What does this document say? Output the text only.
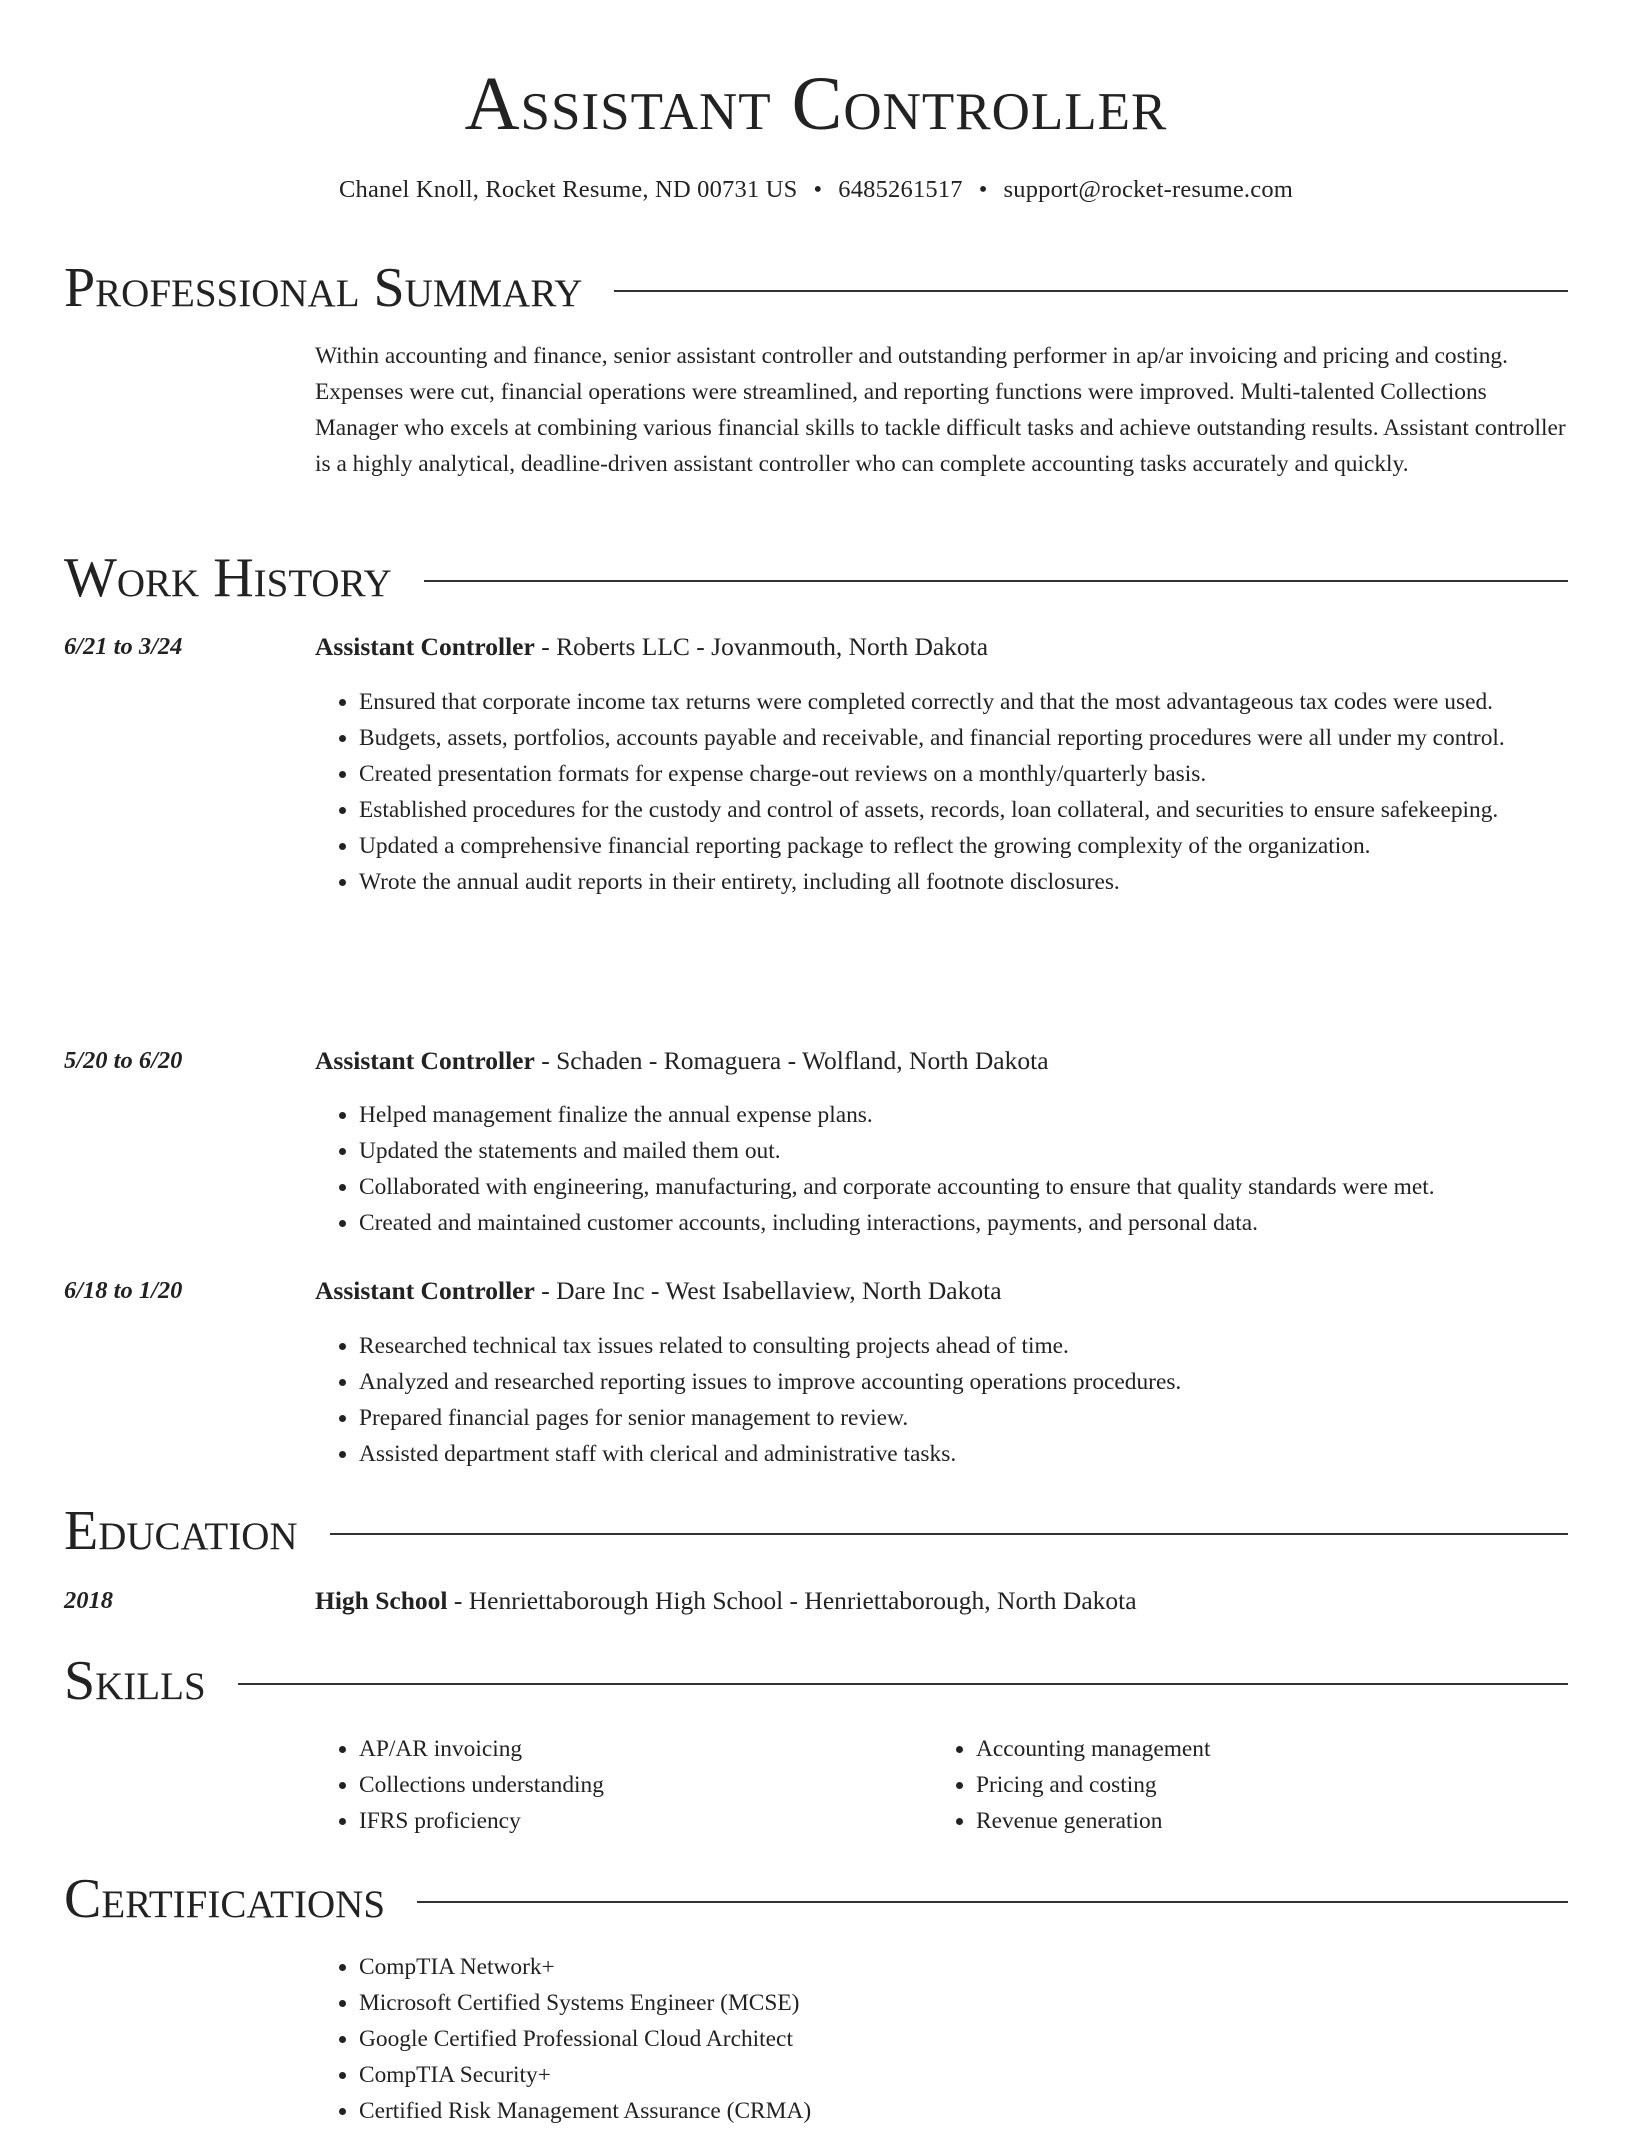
Assistant Controller
Chanel Knoll, Rocket Resume, ND 00731 US • 6485261517 • support@rocket-resume.com
Professional Summary
Within accounting and finance, senior assistant controller and outstanding performer in ap/ar invoicing and pricing and costing. Expenses were cut, financial operations were streamlined, and reporting functions were improved. Multi-talented Collections Manager who excels at combining various financial skills to tackle difficult tasks and achieve outstanding results. Assistant controller is a highly analytical, deadline-driven assistant controller who can complete accounting tasks accurately and quickly.
Work History
6/21 to 3/24	Assistant Controller - Roberts LLC - Jovanmouth, North Dakota
• Ensured that corporate income tax returns were completed correctly and that the most advantageous tax codes were used.
• Budgets, assets, portfolios, accounts payable and receivable, and financial reporting procedures were all under my control.
• Created presentation formats for expense charge-out reviews on a monthly/quarterly basis.
• Established procedures for the custody and control of assets, records, loan collateral, and securities to ensure safekeeping.
• Updated a comprehensive financial reporting package to reflect the growing complexity of the organization.
• Wrote the annual audit reports in their entirety, including all footnote disclosures.
5/20 to 6/20	Assistant Controller - Schaden - Romaguera - Wolfland, North Dakota
• Helped management finalize the annual expense plans.
• Updated the statements and mailed them out.
• Collaborated with engineering, manufacturing, and corporate accounting to ensure that quality standards were met.
• Created and maintained customer accounts, including interactions, payments, and personal data.
6/18 to 1/20	Assistant Controller - Dare Inc - West Isabellaview, North Dakota
• Researched technical tax issues related to consulting projects ahead of time.
• Analyzed and researched reporting issues to improve accounting operations procedures.
• Prepared financial pages for senior management to review.
• Assisted department staff with clerical and administrative tasks.
Education
2018	High School - Henriettaborough High School - Henriettaborough, North Dakota
Skills
• AP/AR invoicing
• Collections understanding
• IFRS proficiency
• Accounting management
• Pricing and costing
• Revenue generation
Certifications
• CompTIA Network+
• Microsoft Certified Systems Engineer (MCSE)
• Google Certified Professional Cloud Architect
• CompTIA Security+
• Certified Risk Management Assurance (CRMA)
